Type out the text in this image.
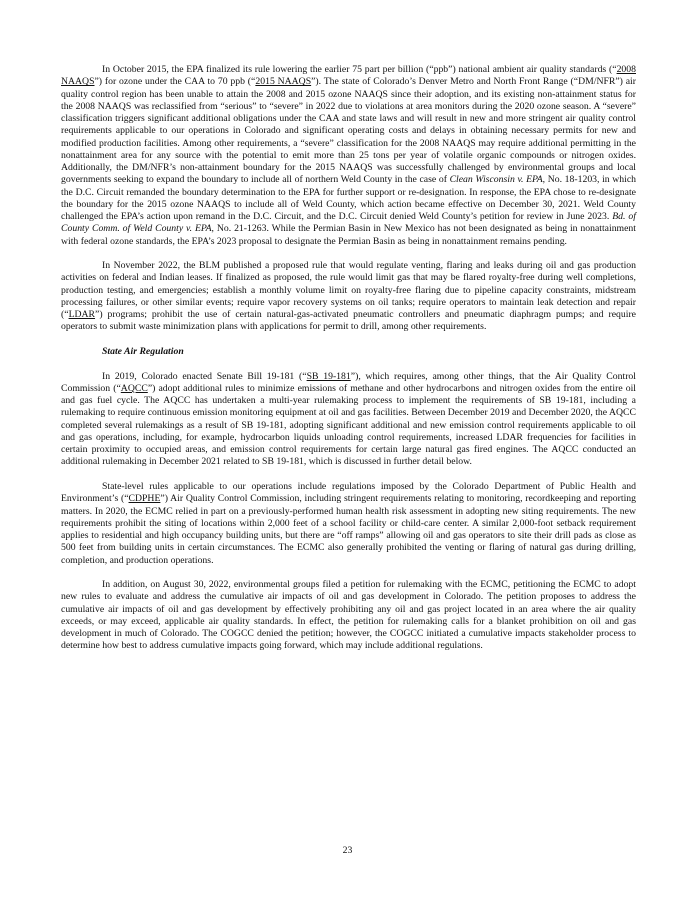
In October 2015, the EPA finalized its rule lowering the earlier 75 part per billion (“ppb”) national ambient air quality standards (“2008 NAAQS”) for ozone under the CAA to 70 ppb (“2015 NAAQS”). The state of Colorado’s Denver Metro and North Front Range (“DM/NFR”) air quality control region has been unable to attain the 2008 and 2015 ozone NAAQS since their adoption, and its existing non-attainment status for the 2008 NAAQS was reclassified from “serious” to “severe” in 2022 due to violations at area monitors during the 2020 ozone season. A “severe” classification triggers significant additional obligations under the CAA and state laws and will result in new and more stringent air quality control requirements applicable to our operations in Colorado and significant operating costs and delays in obtaining necessary permits for new and modified production facilities. Among other requirements, a “severe” classification for the 2008 NAAQS may require additional permitting in the nonattainment area for any source with the potential to emit more than 25 tons per year of volatile organic compounds or nitrogen oxides. Additionally, the DM/NFR’s non-attainment boundary for the 2015 NAAQS was successfully challenged by environmental groups and local governments seeking to expand the boundary to include all of northern Weld County in the case of Clean Wisconsin v. EPA, No. 18-1203, in which the D.C. Circuit remanded the boundary determination to the EPA for further support or re-designation. In response, the EPA chose to re-designate the boundary for the 2015 ozone NAAQS to include all of Weld County, which action became effective on December 30, 2021. Weld County challenged the EPA’s action upon remand in the D.C. Circuit, and the D.C. Circuit denied Weld County’s petition for review in June 2023. Bd. of County Comm. of Weld County v. EPA, No. 21-1263. While the Permian Basin in New Mexico has not been designated as being in nonattainment with federal ozone standards, the EPA’s 2023 proposal to designate the Permian Basin as being in nonattainment remains pending.

In November 2022, the BLM published a proposed rule that would regulate venting, flaring and leaks during oil and gas production activities on federal and Indian leases. If finalized as proposed, the rule would limit gas that may be flared royalty-free during well completions, production testing, and emergencies; establish a monthly volume limit on royalty-free flaring due to pipeline capacity constraints, midstream processing failures, or other similar events; require vapor recovery systems on oil tanks; require operators to maintain leak detection and repair (“LDAR”) programs; prohibit the use of certain natural-gas-activated pneumatic controllers and pneumatic diaphragm pumps; and require operators to submit waste minimization plans with applications for permit to drill, among other requirements.

State Air Regulation

In 2019, Colorado enacted Senate Bill 19-181 (“SB 19-181”), which requires, among other things, that the Air Quality Control Commission (“AQCC”) adopt additional rules to minimize emissions of methane and other hydrocarbons and nitrogen oxides from the entire oil and gas fuel cycle. The AQCC has undertaken a multi-year rulemaking process to implement the requirements of SB 19-181, including a rulemaking to require continuous emission monitoring equipment at oil and gas facilities. Between December 2019 and December 2020, the AQCC completed several rulemakings as a result of SB 19-181, adopting significant additional and new emission control requirements applicable to oil and gas operations, including, for example, hydrocarbon liquids unloading control requirements, increased LDAR frequencies for facilities in certain proximity to occupied areas, and emission control requirements for certain large natural gas fired engines. The AQCC conducted an additional rulemaking in December 2021 related to SB 19-181, which is discussed in further detail below.

State-level rules applicable to our operations include regulations imposed by the Colorado Department of Public Health and Environment’s (“CDPHE”) Air Quality Control Commission, including stringent requirements relating to monitoring, recordkeeping and reporting matters. In 2020, the ECMC relied in part on a previously-performed human health risk assessment in adopting new siting requirements. The new requirements prohibit the siting of locations within 2,000 feet of a school facility or child-care center. A similar 2,000-foot setback requirement applies to residential and high occupancy building units, but there are “off ramps” allowing oil and gas operators to site their drill pads as close as 500 feet from building units in certain circumstances. The ECMC also generally prohibited the venting or flaring of natural gas during drilling, completion, and production operations.

In addition, on August 30, 2022, environmental groups filed a petition for rulemaking with the ECMC, petitioning the ECMC to adopt new rules to evaluate and address the cumulative air impacts of oil and gas development in Colorado. The petition proposes to address the cumulative air impacts of oil and gas development by effectively prohibiting any oil and gas project located in an area where the air quality exceeds, or may exceed, applicable air quality standards. In effect, the petition for rulemaking calls for a blanket prohibition on oil and gas development in much of Colorado. The COGCC denied the petition; however, the COGCC initiated a cumulative impacts stakeholder process to determine how best to address cumulative impacts going forward, which may include additional regulations.

23
